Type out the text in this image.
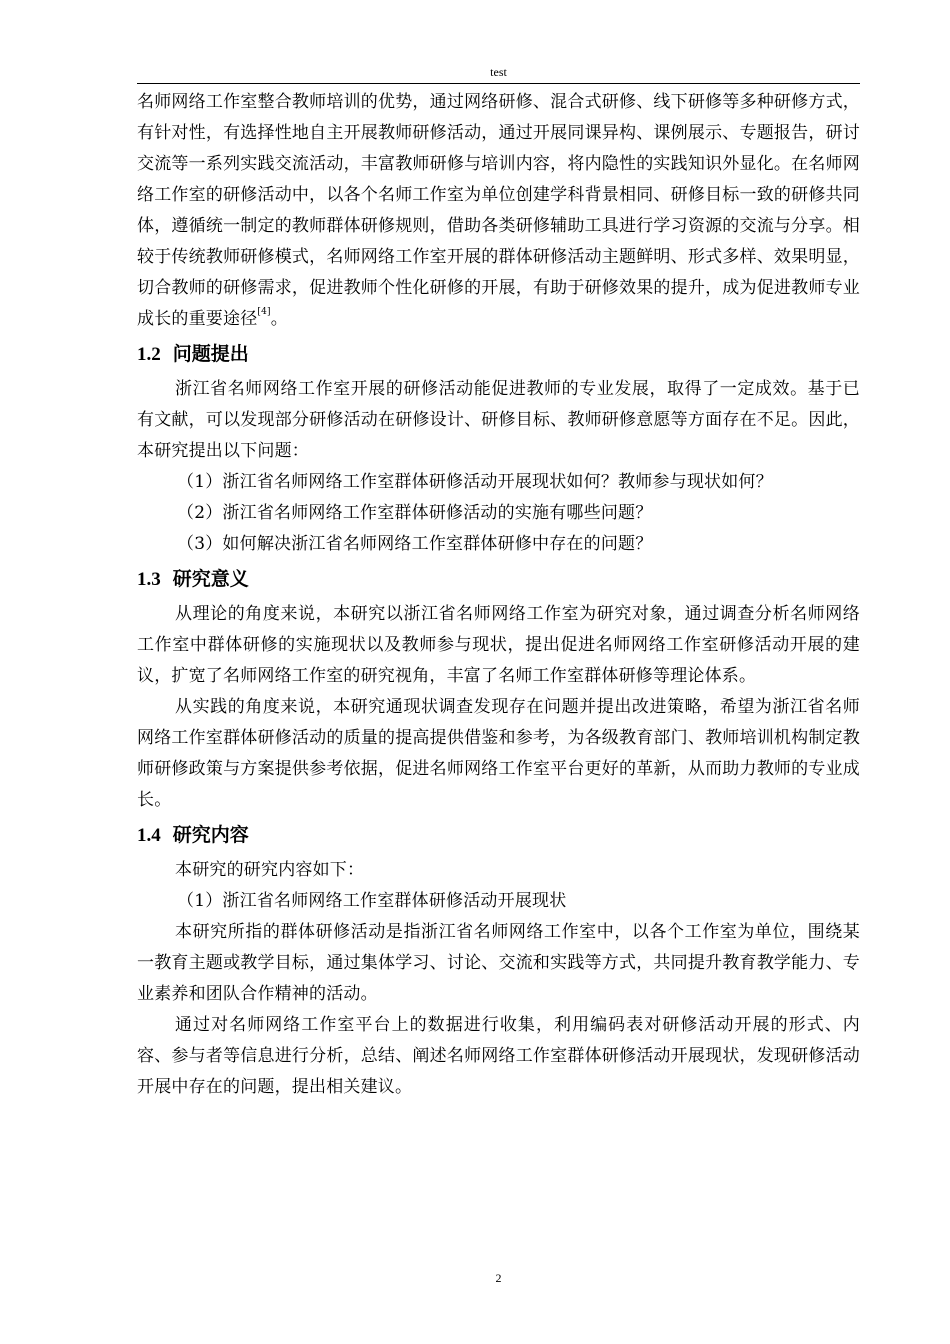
test

名师网络工作室整合教师培训的优势，通过网络研修、混合式研修、线下研修等多种研修方式，有针对性，有选择性地自主开展教师研修活动，通过开展同课异构、课例展示、专题报告，研讨交流等一系列实践交流活动，丰富教师研修与培训内容，将内隐性的实践知识外显化。在名师网络工作室的研修活动中，以各个名师工作室为单位创建学科背景相同、研修目标一致的研修共同体，遵循统一制定的教师群体研修规则，借助各类研修辅助工具进行学习资源的交流与分享。相较于传统教师研修模式，名师网络工作室开展的群体研修活动主题鲜明、形式多样、效果明显，切合教师的研修需求，促进教师个性化研修的开展，有助于研修效果的提升，成为促进教师专业成长的重要途径[4]。

1.2 问题提出

浙江省名师网络工作室开展的研修活动能促进教师的专业发展，取得了一定成效。基于已有文献，可以发现部分研修活动在研修设计、研修目标、教师研修意愿等方面存在不足。因此，本研究提出以下问题：

（1）浙江省名师网络工作室群体研修活动开展现状如何？教师参与现状如何？

（2）浙江省名师网络工作室群体研修活动的实施有哪些问题？

（3）如何解决浙江省名师网络工作室群体研修中存在的问题？

1.3 研究意义

从理论的角度来说，本研究以浙江省名师网络工作室为研究对象，通过调查分析名师网络工作室中群体研修的实施现状以及教师参与现状，提出促进名师网络工作室研修活动开展的建议，扩宽了名师网络工作室的研究视角，丰富了名师工作室群体研修等理论体系。

从实践的角度来说，本研究通现状调查发现存在问题并提出改进策略，希望为浙江省名师网络工作室群体研修活动的质量的提高提供借鉴和参考，为各级教育部门、教师培训机构制定教师研修政策与方案提供参考依据，促进名师网络工作室平台更好的革新，从而助力教师的专业成长。

1.4 研究内容

本研究的研究内容如下：

（1）浙江省名师网络工作室群体研修活动开展现状

本研究所指的群体研修活动是指浙江省名师网络工作室中，以各个工作室为单位，围绕某一教育主题或教学目标，通过集体学习、讨论、交流和实践等方式，共同提升教育教学能力、专业素养和团队合作精神的活动。

通过对名师网络工作室平台上的数据进行收集，利用编码表对研修活动开展的形式、内容、参与者等信息进行分析，总结、阐述名师网络工作室群体研修活动开展现状，发现研修活动开展中存在的问题，提出相关建议。

2
